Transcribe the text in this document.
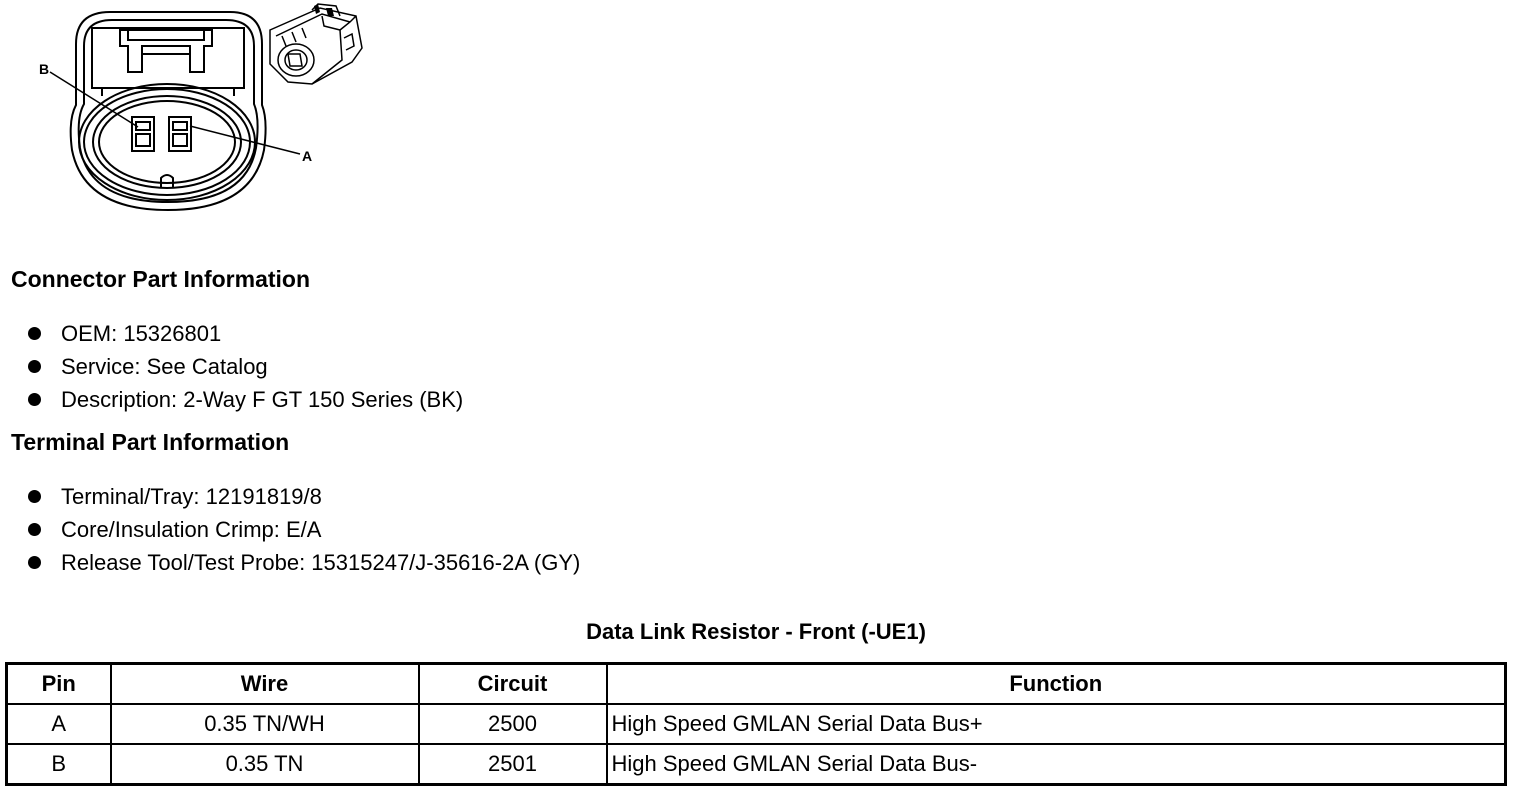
B
A
Connector Part Information
OEM: 15326801
Service: See Catalog
Description: 2-Way F GT 150 Series (BK)
Terminal Part Information
Terminal/Tray: 12191819/8
Core/Insulation Crimp: E/A
Release Tool/Test Probe: 15315247/J-35616-2A (GY)
Data Link Resistor - Front (-UE1)
Pin	Wire	Circuit	Function
A	0.35 TN/WH	2500	High Speed GMLAN Serial Data Bus+
B	0.35 TN	2501	High Speed GMLAN Serial Data Bus-
